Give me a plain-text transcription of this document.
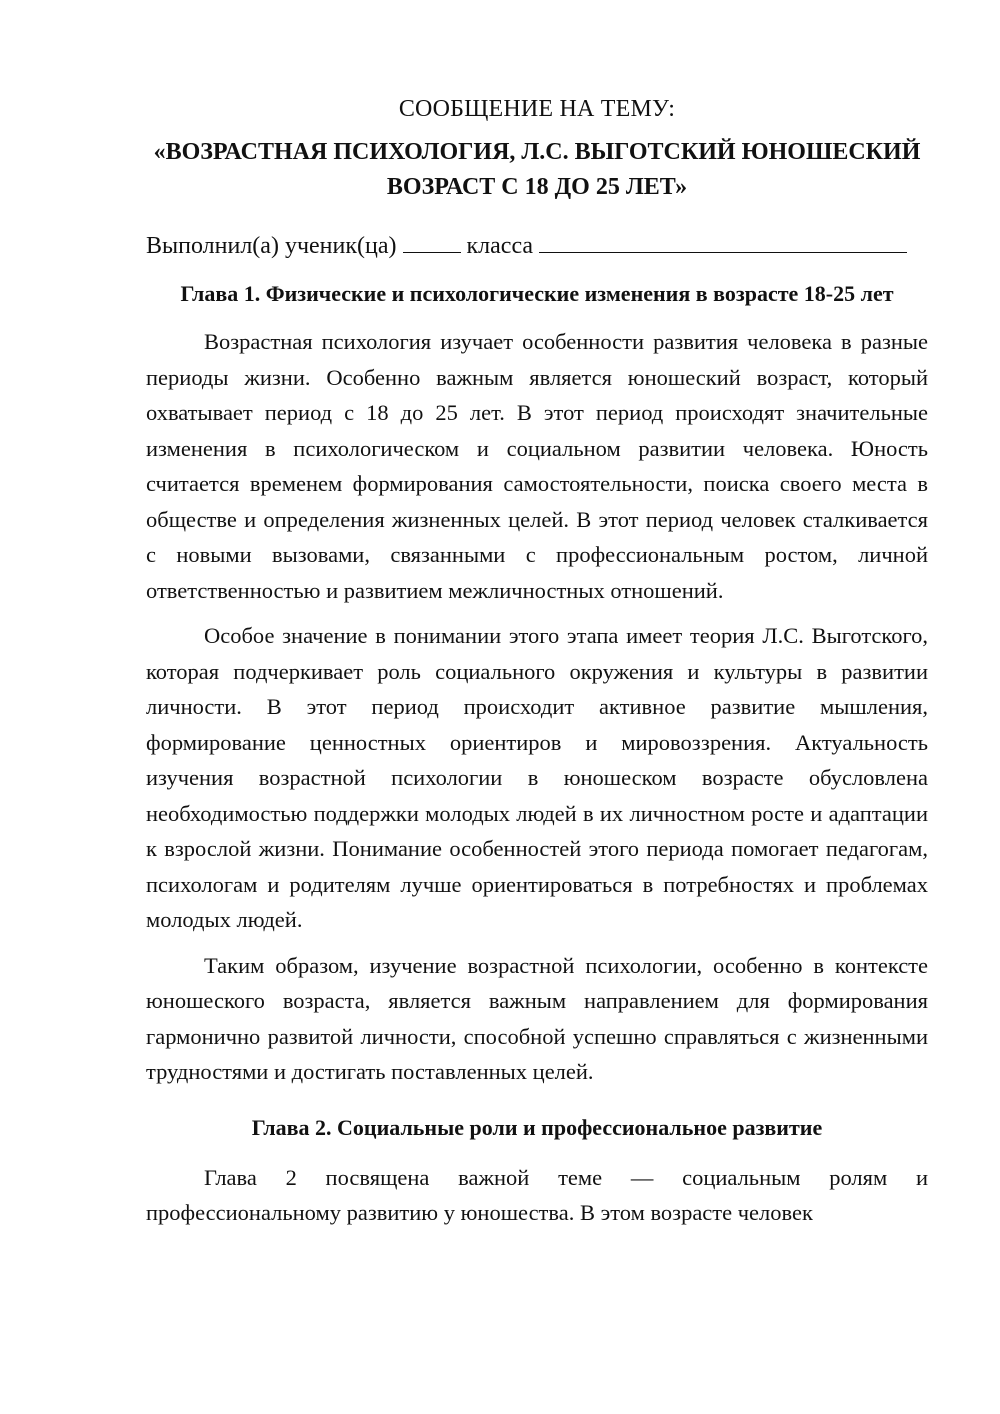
СООБЩЕНИЕ НА ТЕМУ:

«ВОЗРАСТНАЯ ПСИХОЛОГИЯ, Л.С. ВЫГОТСКИЙ ЮНОШЕСКИЙ ВОЗРАСТ С 18 ДО 25 ЛЕТ»

Выполнил(а) ученик(ца)	класса

Глава 1. Физические и психологические изменения в возрасте 18-25 лет

Возрастная психология изучает особенности развития человека в разные периоды жизни. Особенно важным является юношеский возраст, который охватывает период с 18 до 25 лет. В этот период происходят значительные изменения в психологическом и социальном развитии человека. Юность считается временем формирования самостоятельности, поиска своего места в обществе и определения жизненных целей. В этот период человек сталкивается с новыми вызовами, связанными с профессиональным ростом, личной ответственностью и развитием межличностных отношений.

Особое значение в понимании этого этапа имеет теория Л.С. Выготского, которая подчеркивает роль социального окружения и культуры в развитии личности. В этот период происходит активное развитие мышления, формирование ценностных ориентиров и мировоззрения. Актуальность изучения возрастной психологии в юношеском возрасте обусловлена необходимостью поддержки молодых людей в их личностном росте и адаптации к взрослой жизни. Понимание особенностей этого периода помогает педагогам, психологам и родителям лучше ориентироваться в потребностях и проблемах молодых людей.

Таким образом, изучение возрастной психологии, особенно в контексте юношеского возраста, является важным направлением для формирования гармонично развитой личности, способной успешно справляться с жизненными трудностями и достигать поставленных целей.

Глава 2. Социальные роли и профессиональное развитие

Глава 2 посвящена важной теме — социальным ролям и профессиональному развитию у юношества. В этом возрасте человек
